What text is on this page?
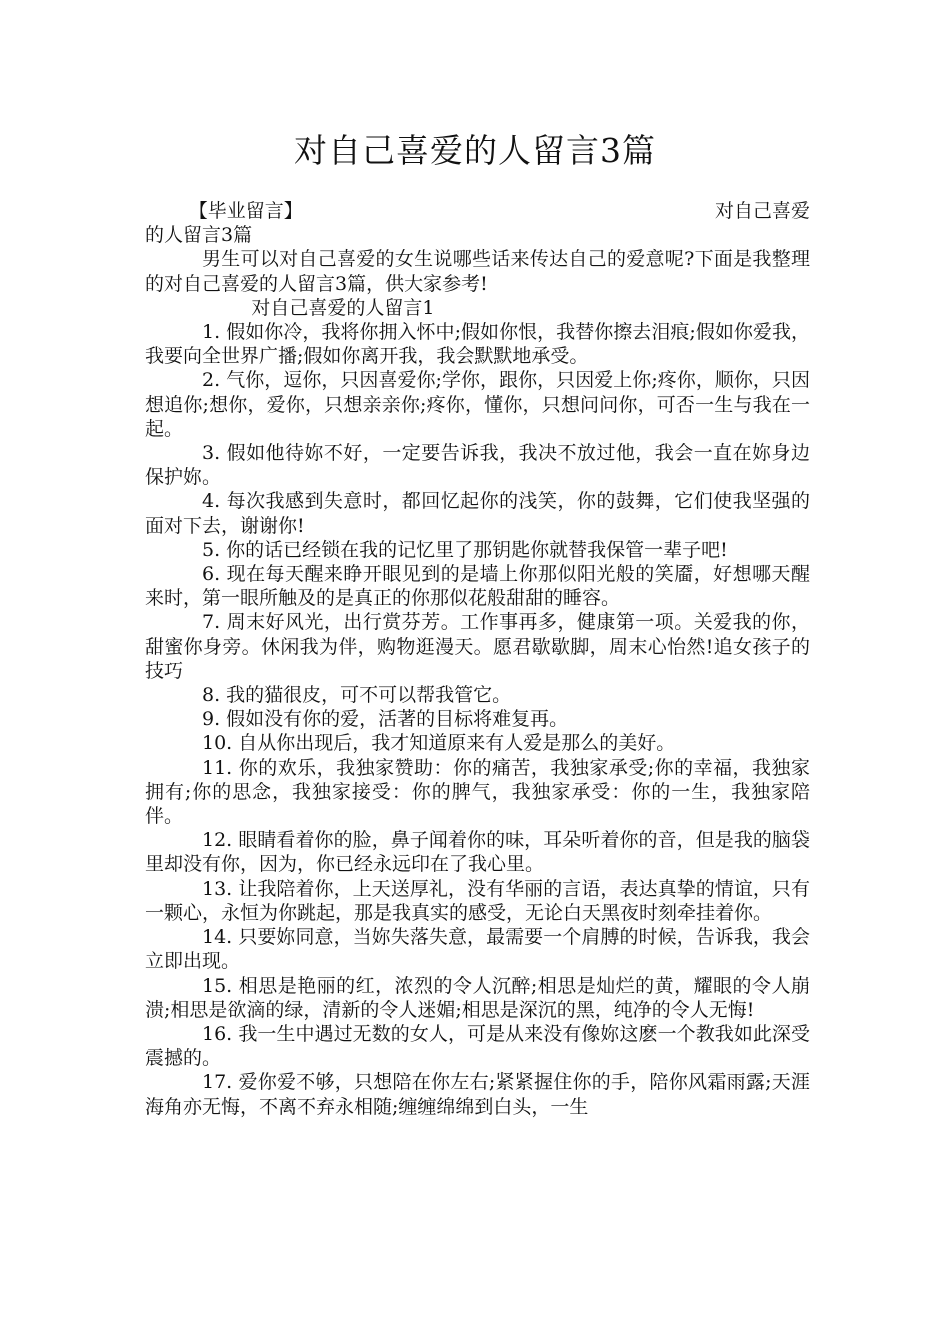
对自己喜爱的人留言3篇
【毕业留言】	对自己喜爱

的人留言3篇

男生可以对自己喜爱的女生说哪些话来传达自己的爱意呢?下面是我整理的对自己喜爱的人留言3篇，供大家参考!

对自己喜爱的人留言1

1. 假如你冷，我将你拥入怀中;假如你恨，我替你擦去泪痕;假如你爱我，我要向全世界广播;假如你离开我，我会默默地承受。

2. 气你，逗你，只因喜爱你;学你，跟你，只因爱上你;疼你，顺你，只因想追你;想你，爱你，只想亲亲你;疼你，懂你，只想问问你，可否一生与我在一起。

3. 假如他待妳不好，一定要告诉我，我决不放过他，我会一直在妳身边保护妳。

4. 每次我感到失意时，都回忆起你的浅笑，你的鼓舞，它们使我坚强的面对下去，谢谢你!

5. 你的话已经锁在我的记忆里了那钥匙你就替我保管一辈子吧!

6. 现在每天醒来睁开眼见到的是墙上你那似阳光般的笑靥，好想哪天醒来时，第一眼所触及的是真正的你那似花般甜甜的睡容。

7. 周末好风光，出行赏芬芳。工作事再多，健康第一项。关爱我的你，甜蜜你身旁。休闲我为伴，购物逛漫天。愿君歇歇脚，周末心怡然!追女孩子的技巧

8. 我的猫很皮，可不可以帮我管它。

9. 假如没有你的爱，活著的目标将难复再。

10. 自从你出现后，我才知道原来有人爱是那么的美好。

11. 你的欢乐，我独家赞助：你的痛苦，我独家承受;你的幸福，我独家拥有;你的思念，我独家接受：你的脾气，我独家承受：你的一生，我独家陪伴。

12. 眼睛看着你的脸，鼻子闻着你的味，耳朵听着你的音，但是我的脑袋里却没有你，因为，你已经永远印在了我心里。

13. 让我陪着你，上天送厚礼，没有华丽的言语，表达真挚的情谊，只有一颗心，永恒为你跳起，那是我真实的感受，无论白天黑夜时刻牵挂着你。

14. 只要妳同意，当妳失落失意，最需要一个肩膊的时候，告诉我，我会立即出现。

15. 相思是艳丽的红，浓烈的令人沉醉;相思是灿烂的黄，耀眼的令人崩溃;相思是欲滴的绿，清新的令人迷媚;相思是深沉的黑，纯净的令人无悔!

16. 我一生中遇过无数的女人，可是从来没有像妳这麽一个教我如此深受震撼的。

17. 爱你爱不够，只想陪在你左右;紧紧握住你的手，陪你风霜雨露;天涯海角亦无悔，不离不弃永相随;缠缠绵绵到白头，一生
